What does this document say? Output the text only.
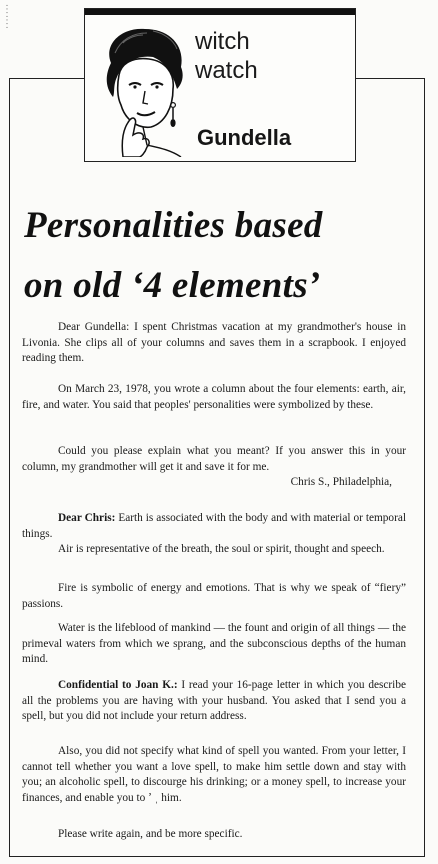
·······
witch
watch
Gundella
Personalities based
on old ‘4 elements’
Dear Gundella: I spent Christmas vacation at my grandmother's house in Livonia. She clips all of your columns and saves them in a scrapbook. I enjoyed reading them.
On March 23, 1978, you wrote a column about the four elements: earth, air, fire, and water. You said that peoples' personalities were symbolized by these.
Could you please explain what you meant? If you answer this in your column, my grandmother will get it and save it for me.
Chris S., Philadelphia,
Dear Chris: Earth is associated with the body and with material or temporal things.
Air is representative of the breath, the soul or spirit, thought and speech.
Fire is symbolic of energy and emotions. That is why we speak of “fiery” passions.
Water is the lifeblood of mankind — the fount and origin of all things — the primeval waters from which we sprang, and the subconscious depths of the human mind.
Confidential to Joan K.: I read your 16-page letter in which you describe all the problems you are having with your husband. You asked that I send you a spell, but you did not include your return address.
Also, you did not specify what kind of spell you wanted. From your letter, I cannot tell whether you want a love spell, to make him settle down and stay with you; an alcoholic spell, to discourge his drinking; or a money spell, to increase your finances, and enable you to ʼ ˌ him.
Please write again, and be more specific.
